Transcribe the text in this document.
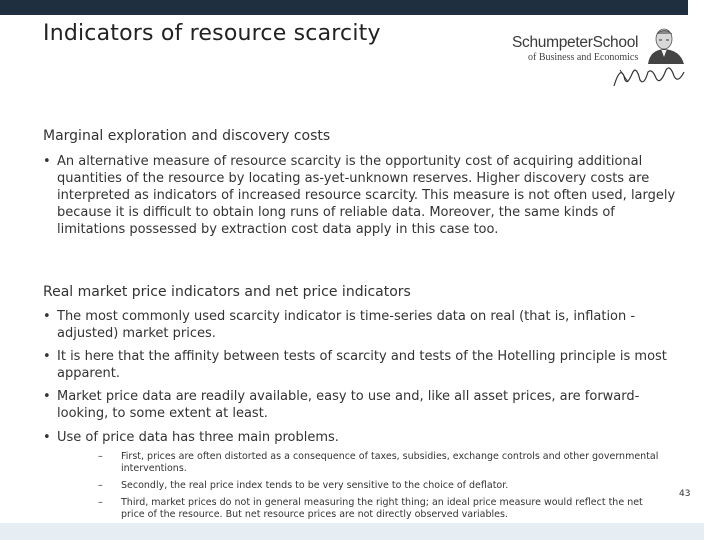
Indicators of resource scarcity	SchumpeterSchool
of Business and Economics
Marginal exploration and discovery costs
• An alternative measure of resource scarcity is the opportunity cost of acquiring additional quantities of the resource by locating as-yet-unknown reserves. Higher discovery costs are interpreted as indicators of increased resource scarcity. This measure is not often used, largely because it is difficult to obtain long runs of reliable data. Moreover, the same kinds of limitations possessed by extraction cost data apply in this case too.
Real market price indicators and net price indicators
• The most commonly used scarcity indicator is time-series data on real (that is, inflation -adjusted) market prices.
• It is here that the affinity between tests of scarcity and tests of the Hotelling principle is most apparent.
• Market price data are readily available, easy to use and, like all asset prices, are forward-looking, to some extent at least.
• Use of price data has three main problems.
–	First, prices are often distorted as a consequence of taxes, subsidies, exchange controls and other governmental interventions.
–	Secondly, the real price index tends to be very sensitive to the choice of deflator.
–	Third, market prices do not in general measuring the right thing; an ideal price measure would reflect the net price of the resource. But net resource prices are not directly observed variables.
43
